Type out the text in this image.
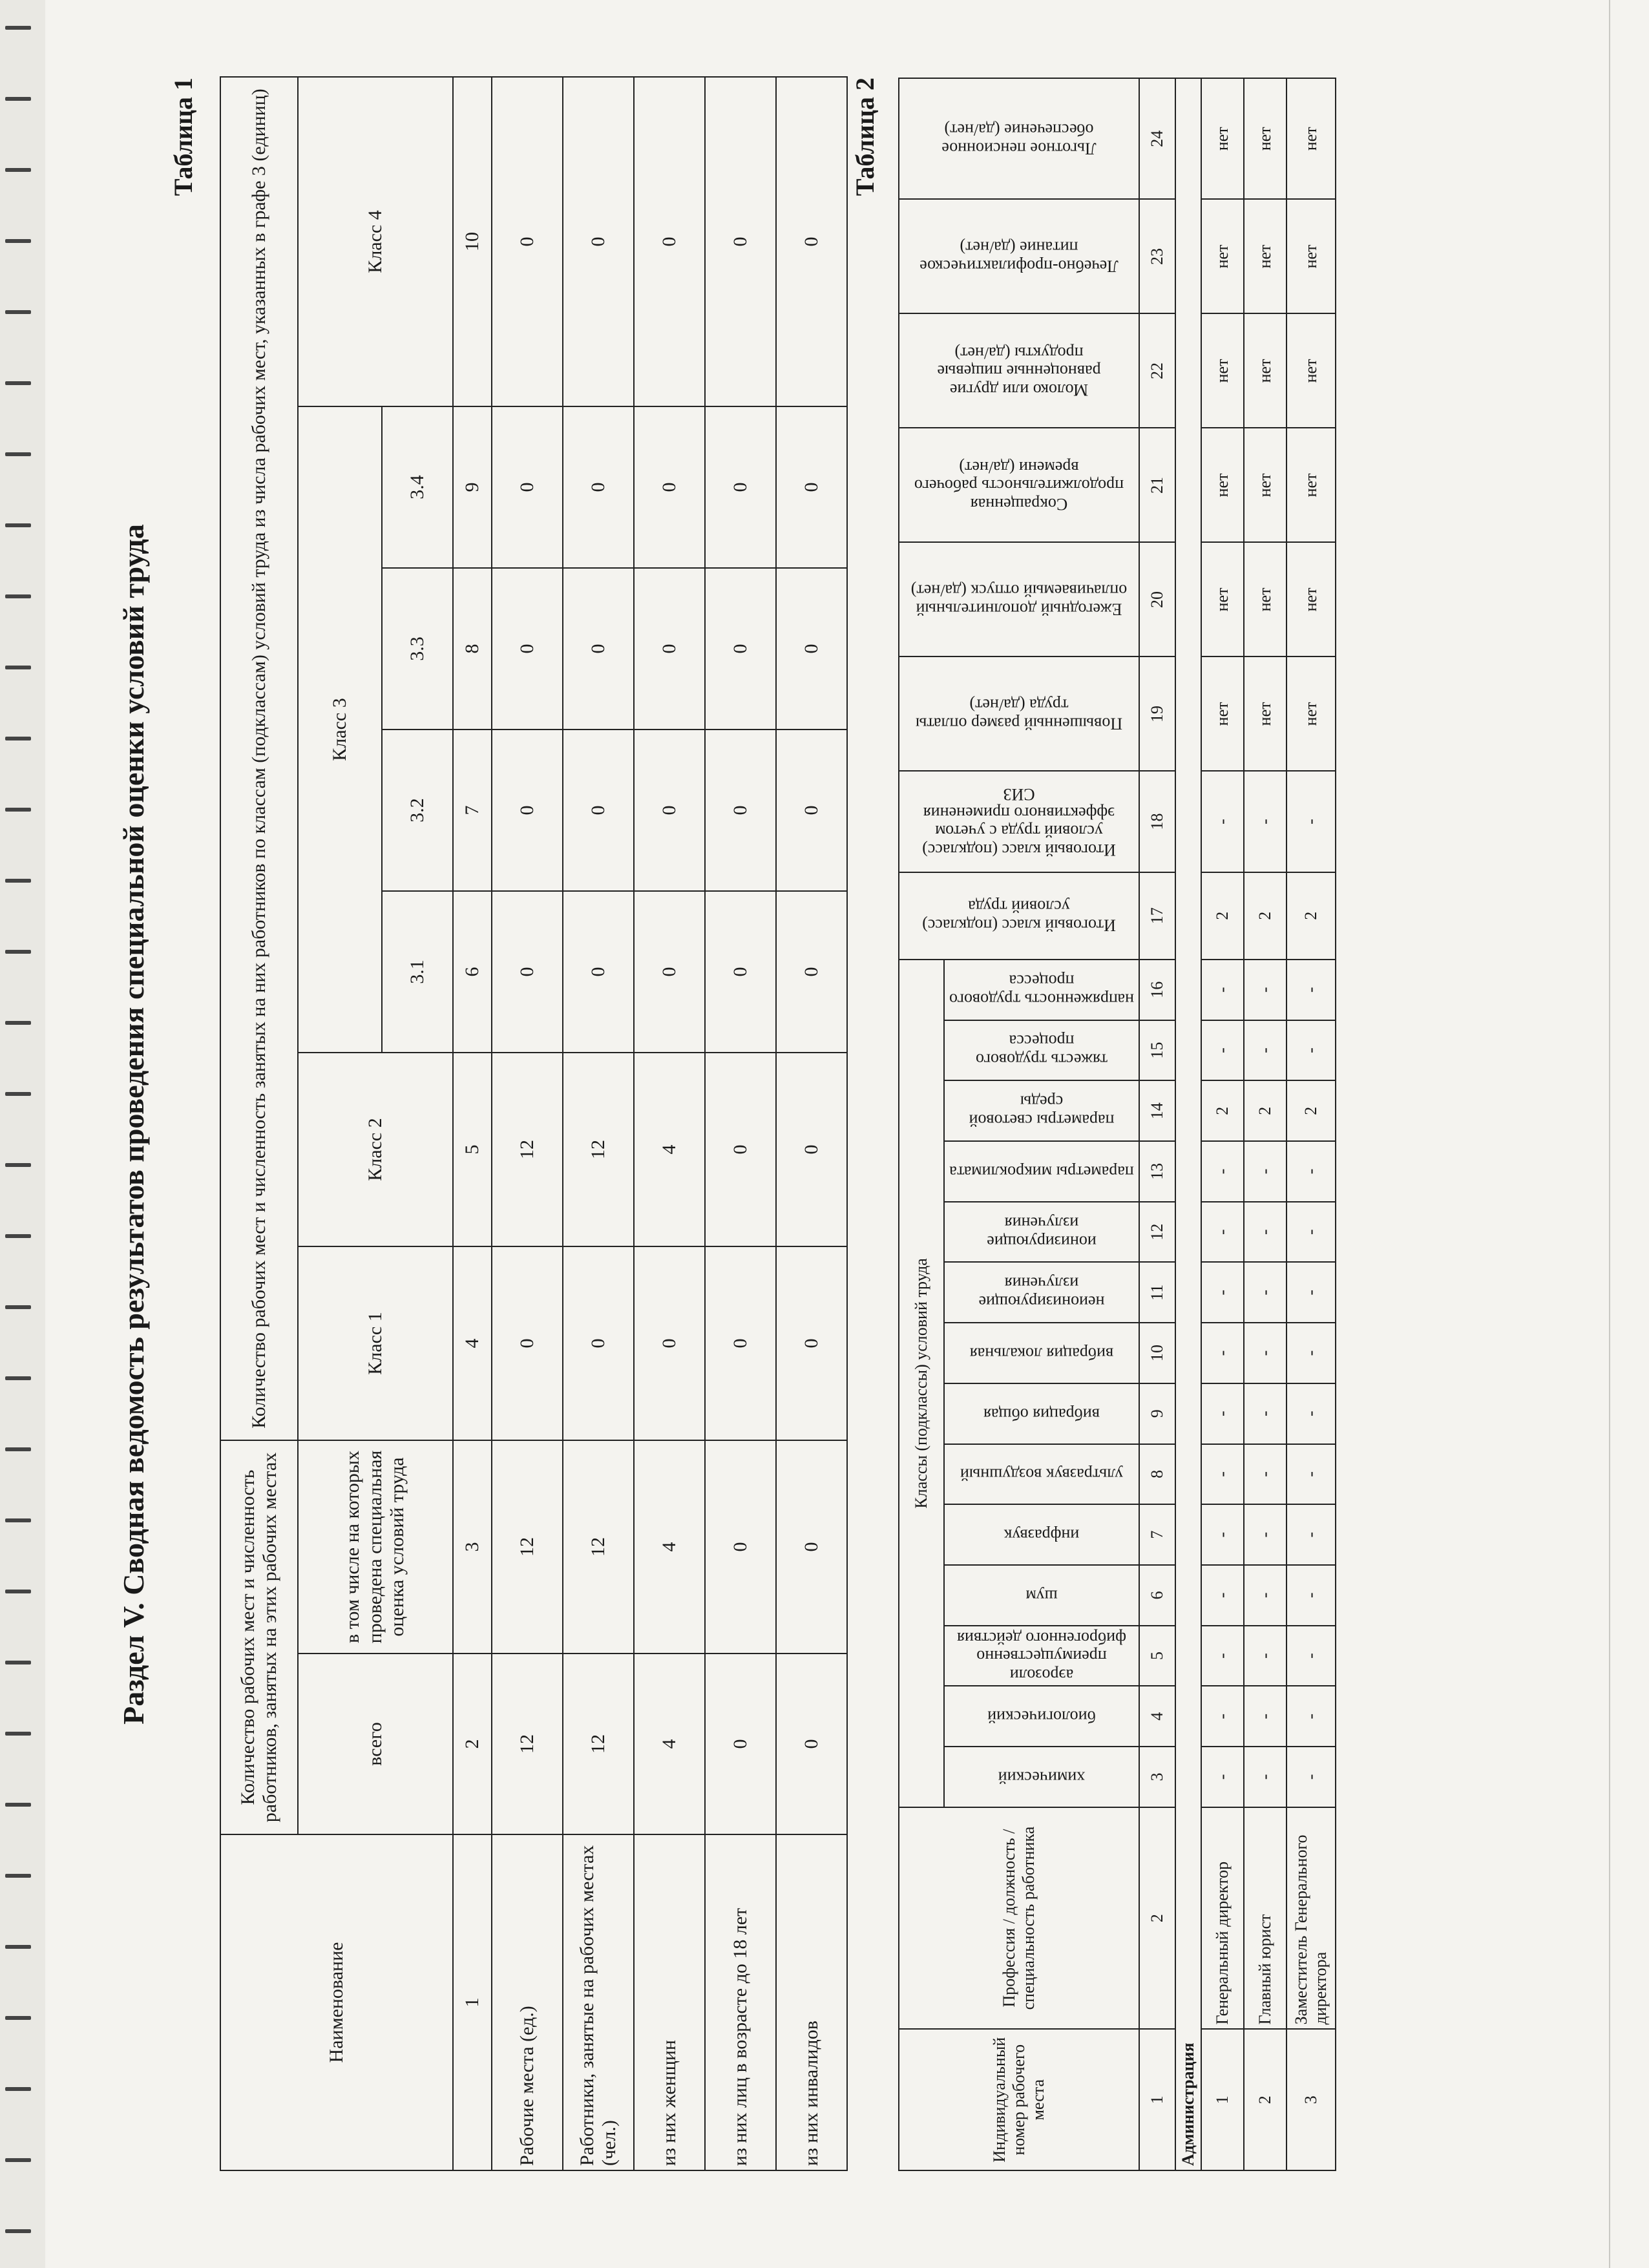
Раздел V. Сводная ведомость результатов проведения специальной оценки условий труда
Таблица 1
Наименование	Количество рабочих мест и численность работников, занятых на этих рабочих местах		Количество рабочих мест и численность занятых на них работников по классам (подклассам) условий труда из числа рабочих мест, указанных в графе 3 (единиц)						
	всего	в том числе на которых проведена специальная оценка условий труда	Класс 1	Класс 2	Класс 3				Класс 4
					3.1	3.2	3.3	3.4	
1	2	3	4	5	6	7	8	9	10
Рабочие места (ед.)	12	12	0	12	0	0	0	0	0
Работники, занятые на рабочих местах (чел.)	12	12	0	12	0	0	0	0	0
из них женщин	4	4	0	4	0	0	0	0	0
из них лиц в возрасте до 18 лет	0	0	0	0	0	0	0	0	0
из них инвалидов	0	0	0	0	0	0	0	0	0
Таблица 2
Индивидуальный номер рабочего места	Профессия / должность / специальность работника	Классы (подклассы) условий труда														Итоговый класс (подкласс) условий труда	Итоговый класс (подкласс) условий труда с учетом эффективного применения СИЗ	Повышенный размер оплаты труда (да/нет)	Ежегодный дополнительный оплачиваемый отпуск (да/нет)	Сокращенная продолжительность рабочего времени (да/нет)	Молоко или другие равноценные пищевые продукты (да/нет)	Лечебно-профилактическое питание (да/нет)	Льготное пенсионное обеспечение (да/нет)

		химический	биологический	аэрозоли преимущественно фиброгенного действия	шум	инфразвук	ультразвук воздушный	вибрация общая	вибрация локальная	неионизирующие излучения	ионизирующие излучения	параметры микроклимата	параметры световой среды	тяжесть трудового процесса	напряженность трудового процесса								

1	2	3	4	5	6	7	8	9	10	11	12	13	14	15	16	17	18	19	20	21	22	23	24
Администрация																							
1	Генеральный директор	-	-	-	-	-	-	-	-	-	-	-	2	-	-	2	-	нет	нет	нет	нет	нет	нет
2	Главный юрист	-	-	-	-	-	-	-	-	-	-	-	2	-	-	2	-	нет	нет	нет	нет	нет	нет
3	Заместитель Генерального директора	-	-	-	-	-	-	-	-	-	-	-	2	-	-	2	-	нет	нет	нет	нет	нет	нет
